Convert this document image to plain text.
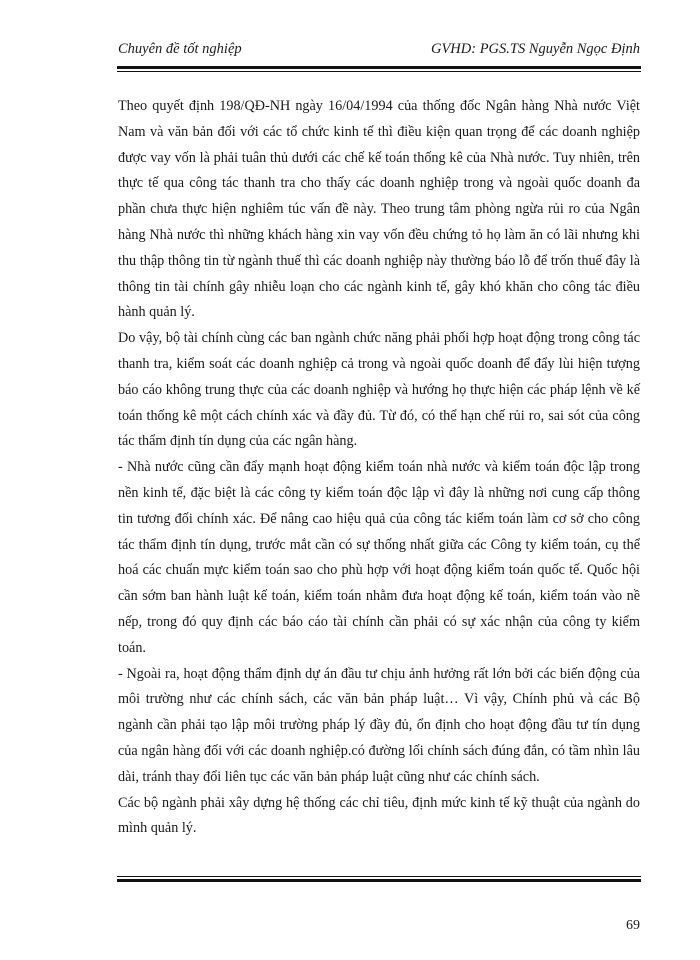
Chuyên đề tốt nghiệp	GVHD: PGS.TS Nguyễn Ngọc Định

Theo quyết định 198/QĐ-NH ngày 16/04/1994 của thống đốc Ngân hàng Nhà nước Việt Nam và văn bản đối với các tổ chức kinh tế thì điều kiện quan trọng để các doanh nghiệp được vay vốn là phải tuân thủ dưới các chế kế toán thống kê của Nhà nước. Tuy nhiên, trên thực tế qua công tác thanh tra cho thấy các doanh nghiệp trong và ngoài quốc doanh đa phần chưa thực hiện nghiêm túc vấn đề này. Theo trung tâm phòng ngừa rủi ro của Ngân hàng Nhà nước thì những khách hàng xin vay vốn đều chứng tỏ họ làm ăn có lãi nhưng khi thu thập thông tin từ ngành thuế thì các doanh nghiệp này thường báo lỗ để trốn thuế đây là thông tin tài chính gây nhiễu loạn cho các ngành kinh tế, gây khó khăn cho công tác điều hành quản lý.

Do vậy, bộ tài chính cùng các ban ngành chức năng phải phối hợp hoạt động trong công tác thanh tra, kiểm soát các doanh nghiệp cả trong và ngoài quốc doanh để đẩy lùi hiện tượng báo cáo không trung thực của các doanh nghiệp và hướng họ thực hiện các pháp lệnh về kế toán thống kê một cách chính xác và đầy đủ. Từ đó, có thể hạn chế rủi ro, sai sót của công tác thẩm định tín dụng của các ngân hàng.

- Nhà nước cũng cần đẩy mạnh hoạt động kiểm toán nhà nước và kiểm toán độc lập trong nền kinh tế, đặc biệt là các công ty kiểm toán độc lập vì đây là những nơi cung cấp thông tin tương đối chính xác. Để nâng cao hiệu quả của công tác kiểm toán làm cơ sở cho công tác thẩm định tín dụng, trước mắt cần có sự thống nhất giữa các Công ty kiểm toán, cụ thể hoá các chuẩn mực kiểm toán sao cho phù hợp với hoạt động kiểm toán quốc tế. Quốc hội cần sớm ban hành luật kế toán, kiểm toán nhằm đưa hoạt động kế toán, kiểm toán vào nề nếp, trong đó quy định các báo cáo tài chính cần phải có sự xác nhận của công ty kiểm toán.

- Ngoài ra, hoạt động thẩm định dự án đầu tư chịu ảnh hưởng rất lớn bởi các biến động của môi trường như các chính sách, các văn bản pháp luật… Vì vậy, Chính phủ và các Bộ ngành cần phải tạo lập môi trường pháp lý đầy đủ, ổn định cho hoạt động đầu tư tín dụng của ngân hàng đối với các doanh nghiệp.có đường lối chính sách đúng đắn, có tầm nhìn lâu dài, tránh thay đổi liên tục các văn bản pháp luật cũng như các chính sách.

Các bộ ngành phải xây dựng hệ thống các chỉ tiêu, định mức kinh tế kỹ thuật của ngành do mình quản lý.

69
